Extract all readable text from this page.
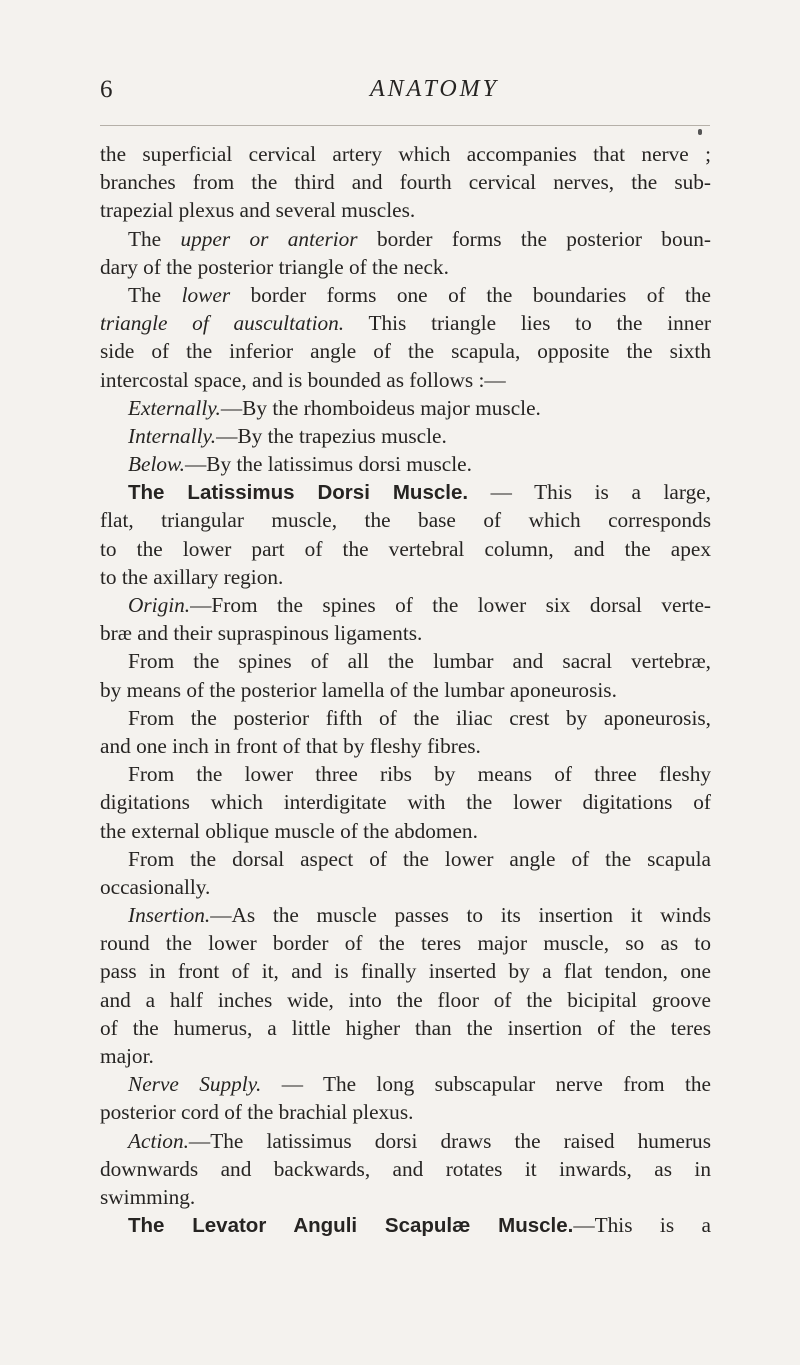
6	ANATOMY
the superficial cervical artery which accompanies that nerve ;
branches from the third and fourth cervical nerves, the sub-
trapezial plexus and several muscles.
The upper or anterior border forms the posterior boun-
dary of the posterior triangle of the neck.
The lower border forms one of the boundaries of the
triangle of auscultation. This triangle lies to the inner
side of the inferior angle of the scapula, opposite the sixth
intercostal space, and is bounded as follows :—
Externally.—By the rhomboideus major muscle.
Internally.—By the trapezius muscle.
Below.—By the latissimus dorsi muscle.
The Latissimus Dorsi Muscle. — This is a large,
flat, triangular muscle, the base of which corresponds
to the lower part of the vertebral column, and the apex
to the axillary region.
Origin.—From the spines of the lower six dorsal verte-
bræ and their supraspinous ligaments.
From the spines of all the lumbar and sacral vertebræ,
by means of the posterior lamella of the lumbar aponeurosis.
From the posterior fifth of the iliac crest by aponeurosis,
and one inch in front of that by fleshy fibres.
From the lower three ribs by means of three fleshy
digitations which interdigitate with the lower digitations of
the external oblique muscle of the abdomen.
From the dorsal aspect of the lower angle of the scapula
occasionally.
Insertion.—As the muscle passes to its insertion it winds
round the lower border of the teres major muscle, so as to
pass in front of it, and is finally inserted by a flat tendon, one
and a half inches wide, into the floor of the bicipital groove
of the humerus, a little higher than the insertion of the teres
major.
Nerve Supply. — The long subscapular nerve from the
posterior cord of the brachial plexus.
Action.—The latissimus dorsi draws the raised humerus
downwards and backwards, and rotates it inwards, as in
swimming.
The Levator Anguli Scapulæ Muscle.—This is a
